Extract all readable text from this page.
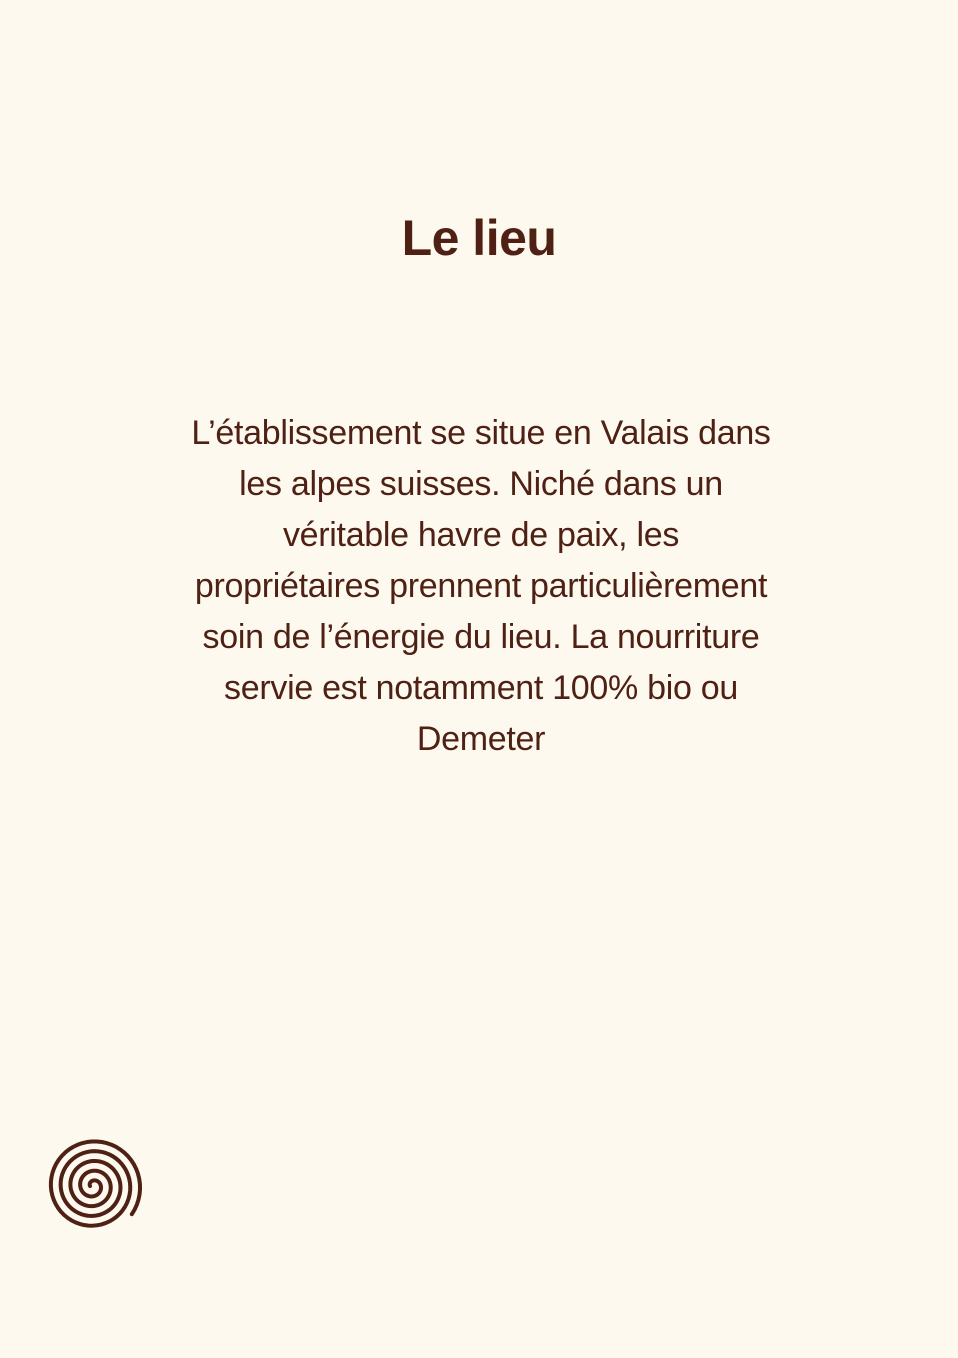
Le lieu

L’établissement se situe en Valais dans les alpes suisses. Niché dans un véritable havre de paix, les propriétaires prennent particulièrement soin de l’énergie du lieu. La nourriture servie est notamment 100% bio ou Demeter
